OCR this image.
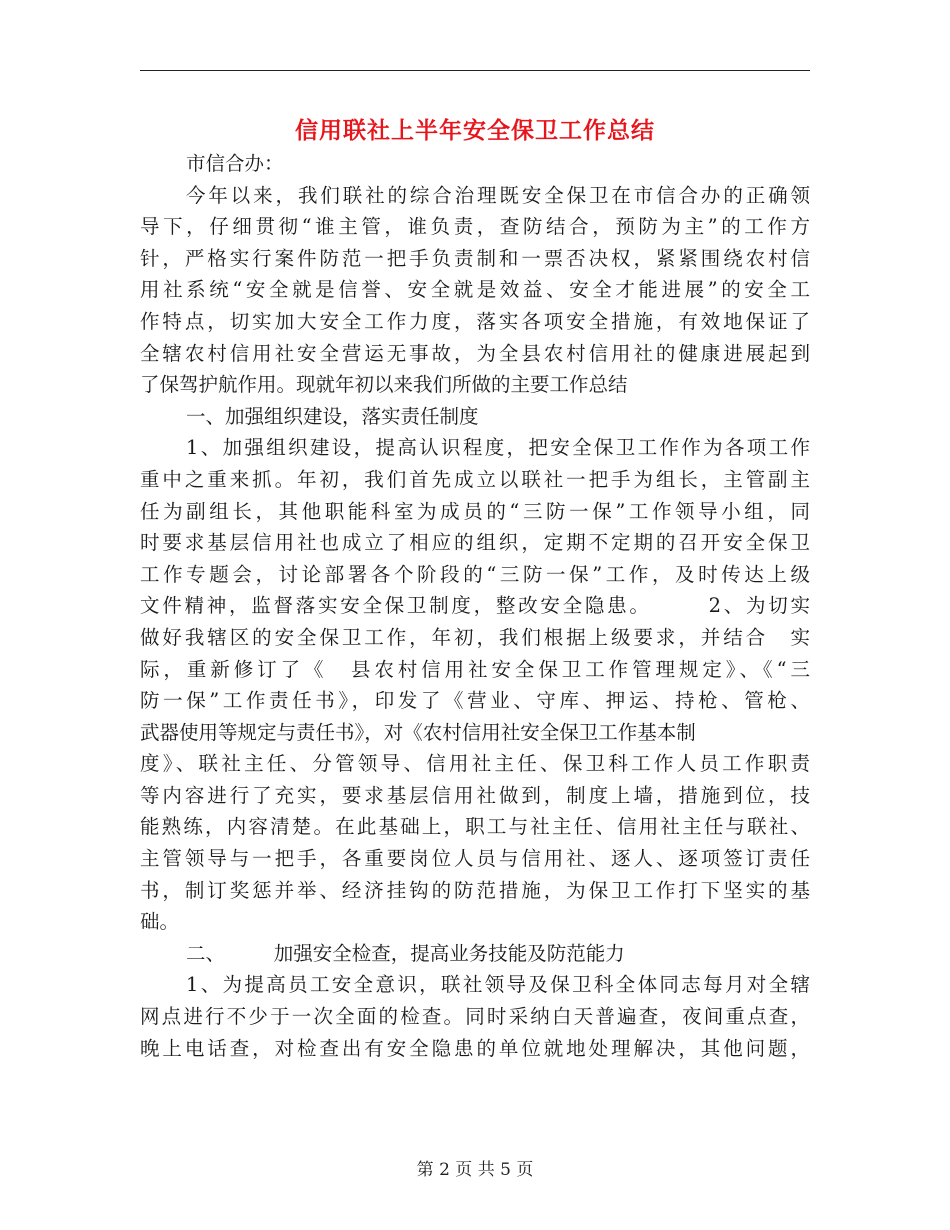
信用联社上半年安全保卫工作总结
市信合办：
今年以来，我们联社的综合治理既安全保卫在市信合办的正确领
导下，仔细贯彻“谁主管，谁负责，查防结合，预防为主”的工作方
针，严格实行案件防范一把手负责制和一票否决权，紧紧围绕农村信
用社系统“安全就是信誉、安全就是效益、安全才能进展”的安全工
作特点，切实加大安全工作力度，落实各项安全措施，有效地保证了
全辖农村信用社安全营运无事故，为全县农村信用社的健康进展起到
了保驾护航作用。现就年初以来我们所做的主要工作总结
一、加强组织建设，落实责任制度
1、加强组织建设，提高认识程度，把安全保卫工作作为各项工作
重中之重来抓。年初，我们首先成立以联社一把手为组长，主管副主
任为副组长，其他职能科室为成员的“三防一保”工作领导小组，同
时要求基层信用社也成立了相应的组织，定期不定期的召开安全保卫
工作专题会，讨论部署各个阶段的“三防一保”工作，及时传达上级
文件精神，监督落实安全保卫制度，整改安全隐患。　　　2、为切实
做好我辖区的安全保卫工作，年初，我们根据上级要求，并结合　实
际，重新修订了《　县农村信用社安全保卫工作管理规定》、《“三
防一保”工作责任书》，印发了《营业、守库、押运、持枪、管枪、
武器使用等规定与责任书》，对《农村信用社安全保卫工作基本制
度》、联社主任、分管领导、信用社主任、保卫科工作人员工作职责
等内容进行了充实，要求基层信用社做到，制度上墙，措施到位，技
能熟练，内容清楚。在此基础上，职工与社主任、信用社主任与联社、
主管领导与一把手，各重要岗位人员与信用社、逐人、逐项签订责任
书，制订奖惩并举、经济挂钩的防范措施，为保卫工作打下坚实的基
础。
二、　　　加强安全检查，提高业务技能及防范能力
1、为提高员工安全意识，联社领导及保卫科全体同志每月对全辖
网点进行不少于一次全面的检查。同时采纳白天普遍查，夜间重点查，
晚上电话查，对检查出有安全隐患的单位就地处理解决，其他问题，
第 2 页 共 5 页
